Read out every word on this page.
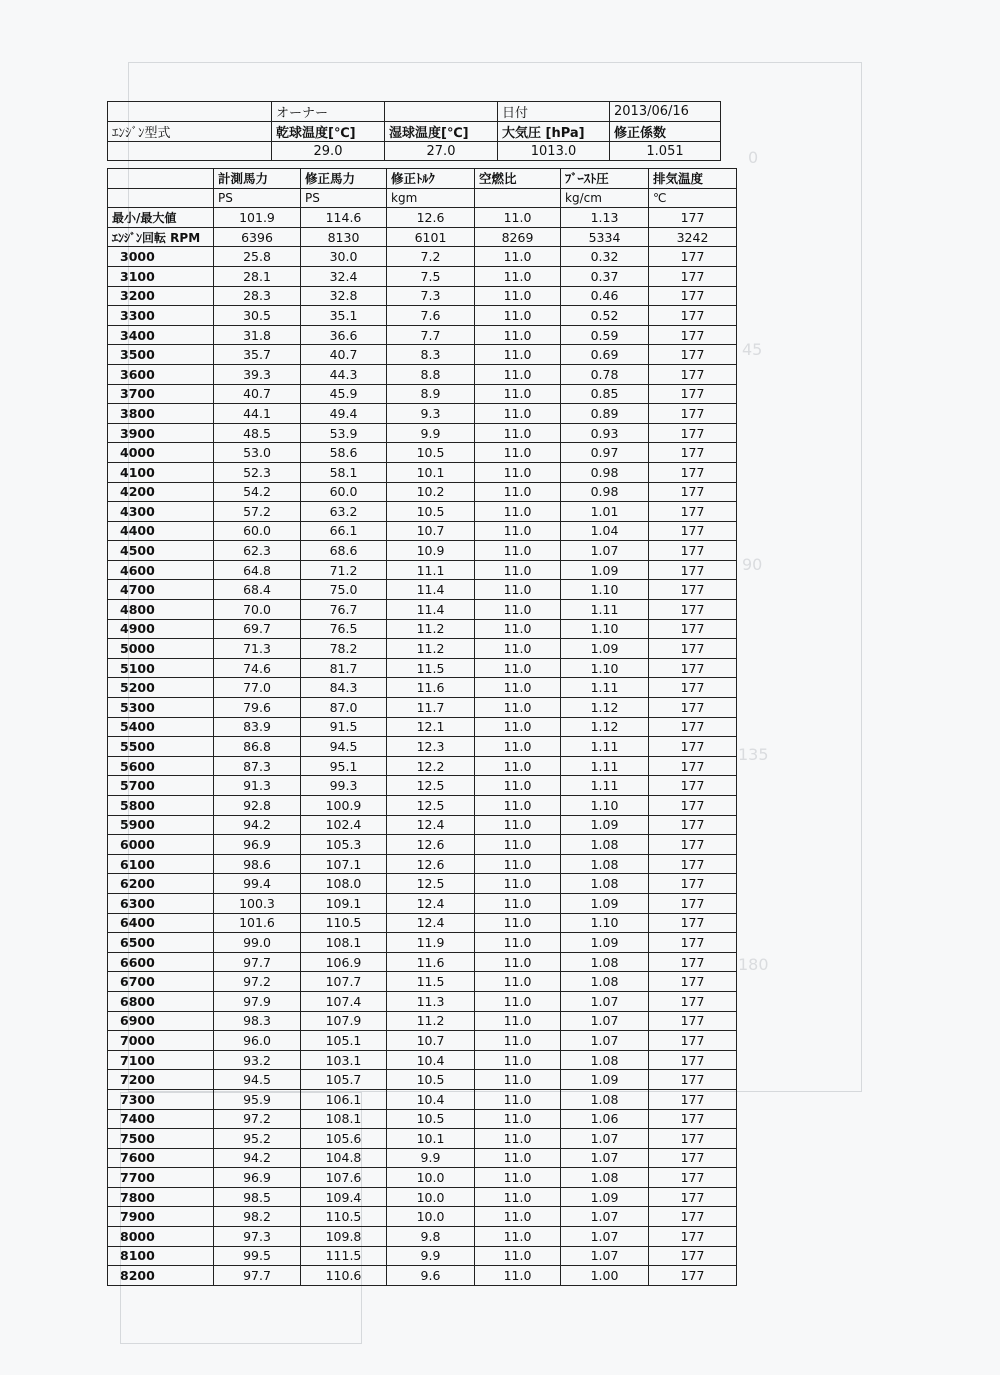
0
45
90
135
180
	オーナー		日付	2013/06/16
ｴﾝｼﾞﾝ型式	乾球温度[℃]	湿球温度[℃]	大気圧 [hPa]	修正係数
	29.0	27.0	1013.0	1.051
	計測馬力	修正馬力	修正ﾄﾙｸ	空燃比	ﾌﾞｰｽﾄ圧	排気温度
	PS	PS	kgm		kg/cm	℃
最小/最大値	101.9	114.6	12.6	11.0	1.13	177
ｴﾝｼﾞﾝ回転 RPM	6396	8130	6101	8269	5334	3242
3000	25.8	30.0	7.2	11.0	0.32	177
3100	28.1	32.4	7.5	11.0	0.37	177
3200	28.3	32.8	7.3	11.0	0.46	177
3300	30.5	35.1	7.6	11.0	0.52	177
3400	31.8	36.6	7.7	11.0	0.59	177
3500	35.7	40.7	8.3	11.0	0.69	177
3600	39.3	44.3	8.8	11.0	0.78	177
3700	40.7	45.9	8.9	11.0	0.85	177
3800	44.1	49.4	9.3	11.0	0.89	177
3900	48.5	53.9	9.9	11.0	0.93	177
4000	53.0	58.6	10.5	11.0	0.97	177
4100	52.3	58.1	10.1	11.0	0.98	177
4200	54.2	60.0	10.2	11.0	0.98	177
4300	57.2	63.2	10.5	11.0	1.01	177
4400	60.0	66.1	10.7	11.0	1.04	177
4500	62.3	68.6	10.9	11.0	1.07	177
4600	64.8	71.2	11.1	11.0	1.09	177
4700	68.4	75.0	11.4	11.0	1.10	177
4800	70.0	76.7	11.4	11.0	1.11	177
4900	69.7	76.5	11.2	11.0	1.10	177
5000	71.3	78.2	11.2	11.0	1.09	177
5100	74.6	81.7	11.5	11.0	1.10	177
5200	77.0	84.3	11.6	11.0	1.11	177
5300	79.6	87.0	11.7	11.0	1.12	177
5400	83.9	91.5	12.1	11.0	1.12	177
5500	86.8	94.5	12.3	11.0	1.11	177
5600	87.3	95.1	12.2	11.0	1.11	177
5700	91.3	99.3	12.5	11.0	1.11	177
5800	92.8	100.9	12.5	11.0	1.10	177
5900	94.2	102.4	12.4	11.0	1.09	177
6000	96.9	105.3	12.6	11.0	1.08	177
6100	98.6	107.1	12.6	11.0	1.08	177
6200	99.4	108.0	12.5	11.0	1.08	177
6300	100.3	109.1	12.4	11.0	1.09	177
6400	101.6	110.5	12.4	11.0	1.10	177
6500	99.0	108.1	11.9	11.0	1.09	177
6600	97.7	106.9	11.6	11.0	1.08	177
6700	97.2	107.7	11.5	11.0	1.08	177
6800	97.9	107.4	11.3	11.0	1.07	177
6900	98.3	107.9	11.2	11.0	1.07	177
7000	96.0	105.1	10.7	11.0	1.07	177
7100	93.2	103.1	10.4	11.0	1.08	177
7200	94.5	105.7	10.5	11.0	1.09	177
7300	95.9	106.1	10.4	11.0	1.08	177
7400	97.2	108.1	10.5	11.0	1.06	177
7500	95.2	105.6	10.1	11.0	1.07	177
7600	94.2	104.8	9.9	11.0	1.07	177
7700	96.9	107.6	10.0	11.0	1.08	177
7800	98.5	109.4	10.0	11.0	1.09	177
7900	98.2	110.5	10.0	11.0	1.07	177
8000	97.3	109.8	9.8	11.0	1.07	177
8100	99.5	111.5	9.9	11.0	1.07	177
8200	97.7	110.6	9.6	11.0	1.00	177
